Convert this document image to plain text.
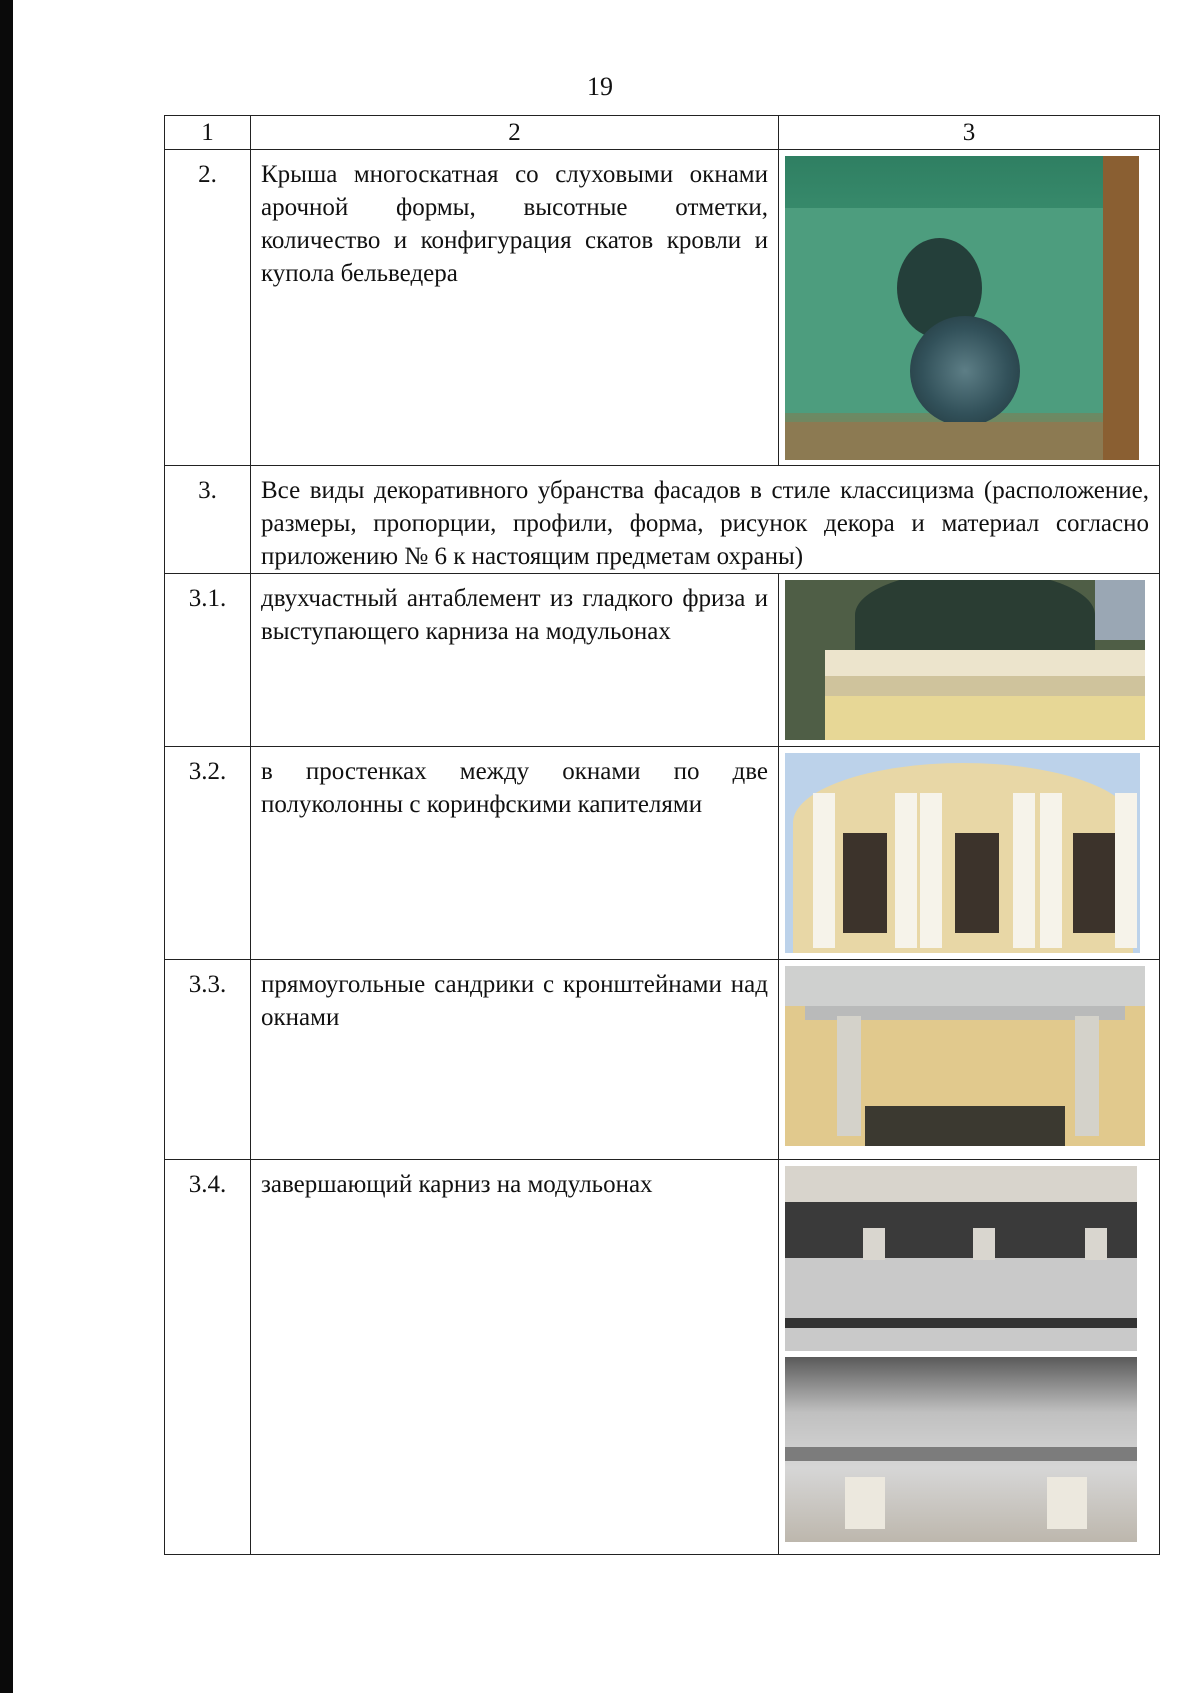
19
1	2	3
2.	Крыша многоскатная со слуховыми окнами арочной формы, высотные отметки, количество и конфигурация скатов кровли и купола бельведера	

3.	Все виды декоративного убранства фасадов в стиле классицизма (расположение, размеры, пропорции, профили, форма, рисунок декора и материал согласно приложению № 6 к настоящим предметам охраны)	
3.1.	двухчастный антаблемент из гладкого фриза и выступающего карниза на модульонах	

3.2.	в простенках между окнами по две полуколонны с коринфскими капителями	

3.3.	прямоугольные сандрики с кронштейнами над окнами	

3.4.	завершающий карниз на модульонах	
